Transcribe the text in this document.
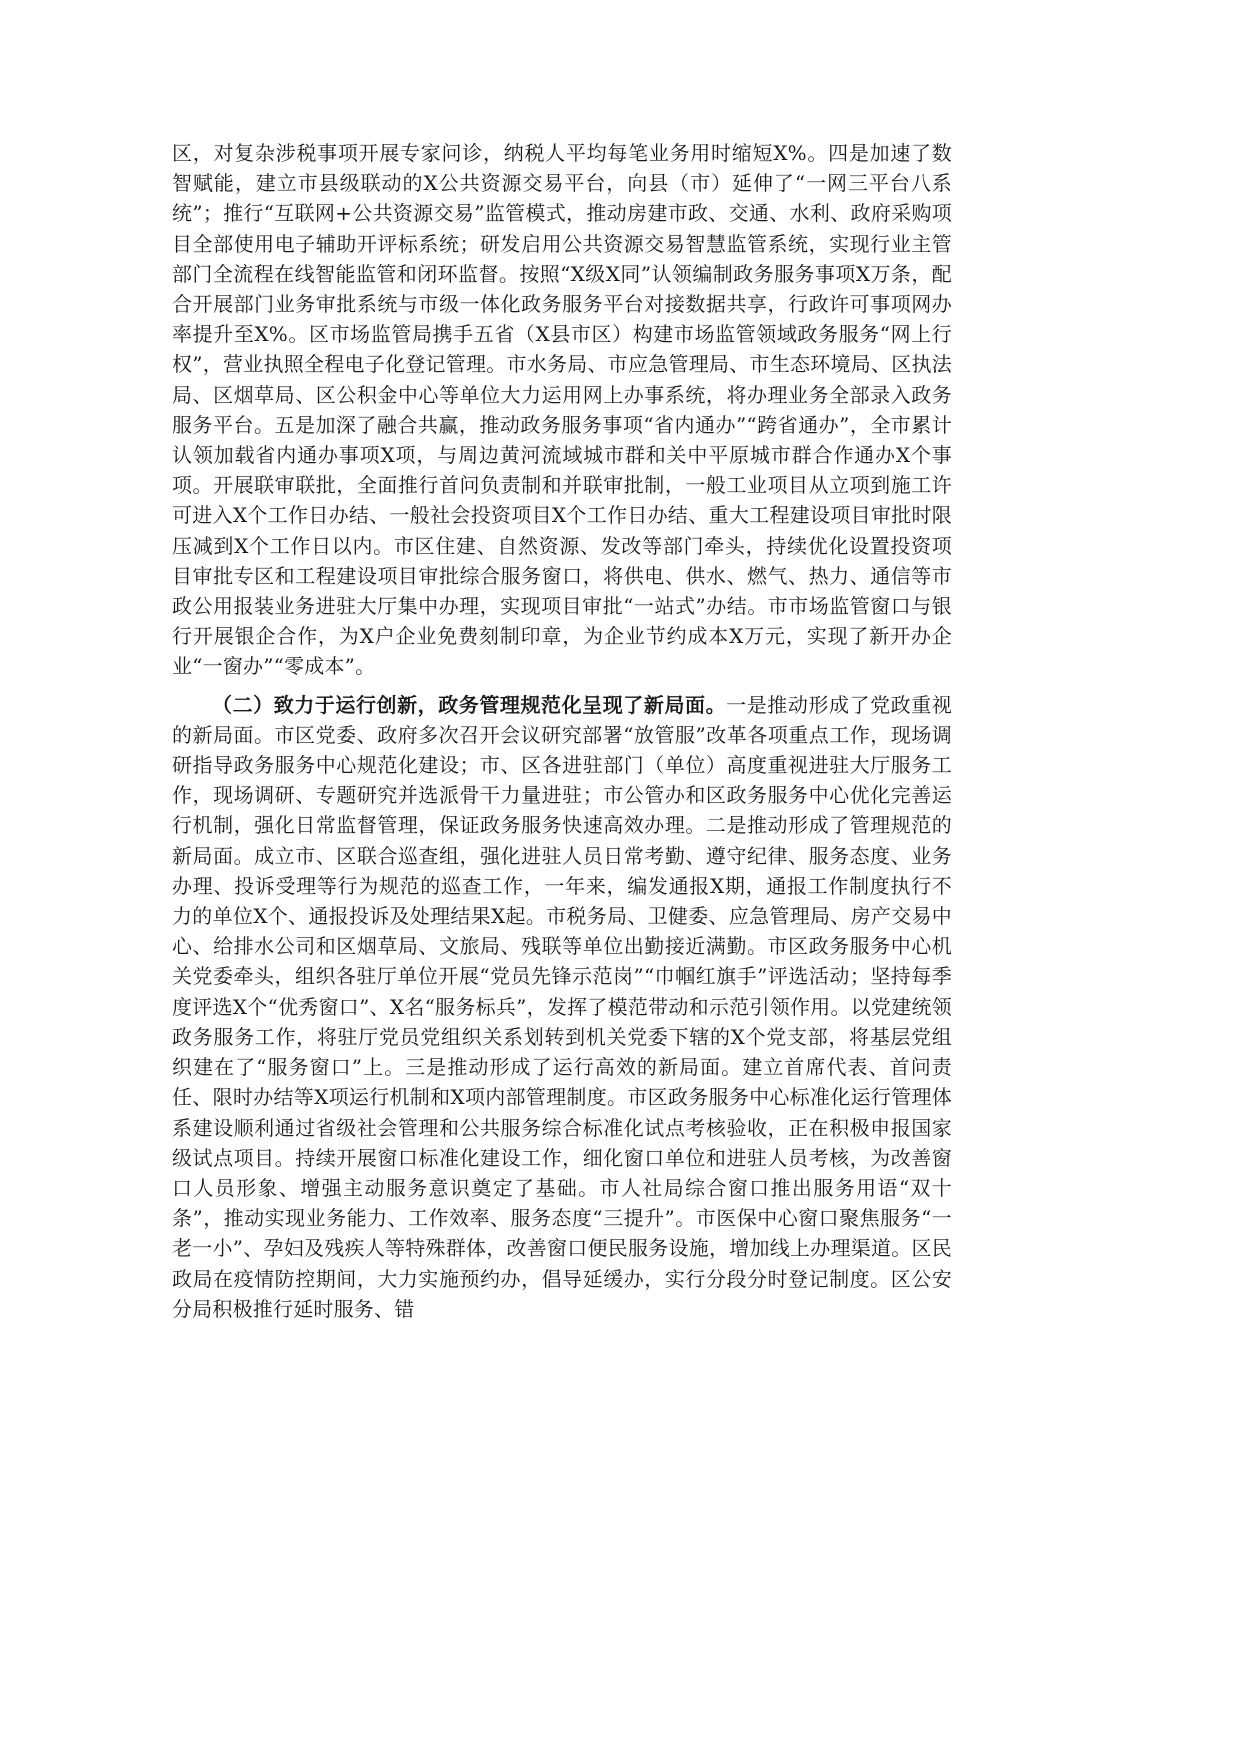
区，对复杂涉税事项开展专家问诊，纳税人平均每笔业务用时缩短X%。四是加速了数智赋能，建立市县级联动的X公共资源交易平台，向县（市）延伸了“一网三平台八系统”；推行“互联网+公共资源交易”监管模式，推动房建市政、交通、水利、政府采购项目全部使用电子辅助开评标系统；研发启用公共资源交易智慧监管系统，实现行业主管部门全流程在线智能监管和闭环监督。按照“X级X同”认领编制政务服务事项X万条，配合开展部门业务审批系统与市级一体化政务服务平台对接数据共享，行政许可事项网办率提升至X%。区市场监管局携手五省（X县市区）构建市场监管领域政务服务“网上行权”，营业执照全程电子化登记管理。市水务局、市应急管理局、市生态环境局、区执法局、区烟草局、区公积金中心等单位大力运用网上办事系统，将办理业务全部录入政务服务平台。五是加深了融合共赢，推动政务服务事项“省内通办”“跨省通办”，全市累计认领加载省内通办事项X项，与周边黄河流域城市群和关中平原城市群合作通办X个事项。开展联审联批，全面推行首问负责制和并联审批制，一般工业项目从立项到施工许可进入X个工作日办结、一般社会投资项目X个工作日办结、重大工程建设项目审批时限压减到X个工作日以内。市区住建、自然资源、发改等部门牵头，持续优化设置投资项目审批专区和工程建设项目审批综合服务窗口，将供电、供水、燃气、热力、通信等市政公用报装业务进驻大厅集中办理，实现项目审批“一站式”办结。市市场监管窗口与银行开展银企合作，为X户企业免费刻制印章，为企业节约成本X万元，实现了新开办企业“一窗办”“零成本”。

（二）致力于运行创新，政务管理规范化呈现了新局面。一是推动形成了党政重视的新局面。市区党委、政府多次召开会议研究部署“放管服”改革各项重点工作，现场调研指导政务服务中心规范化建设；市、区各进驻部门（单位）高度重视进驻大厅服务工作，现场调研、专题研究并选派骨干力量进驻；市公管办和区政务服务中心优化完善运行机制，强化日常监督管理，保证政务服务快速高效办理。二是推动形成了管理规范的新局面。成立市、区联合巡查组，强化进驻人员日常考勤、遵守纪律、服务态度、业务办理、投诉受理等行为规范的巡查工作，一年来，编发通报X期，通报工作制度执行不力的单位X个、通报投诉及处理结果X起。市税务局、卫健委、应急管理局、房产交易中心、给排水公司和区烟草局、文旅局、残联等单位出勤接近满勤。市区政务服务中心机关党委牵头，组织各驻厅单位开展“党员先锋示范岗”“巾帼红旗手”评选活动；坚持每季度评选X个“优秀窗口”、X名“服务标兵”，发挥了模范带动和示范引领作用。以党建统领政务服务工作，将驻厅党员党组织关系划转到机关党委下辖的X个党支部，将基层党组织建在了“服务窗口”上。三是推动形成了运行高效的新局面。建立首席代表、首问责任、限时办结等X项运行机制和X项内部管理制度。市区政务服务中心标准化运行管理体系建设顺利通过省级社会管理和公共服务综合标准化试点考核验收，正在积极申报国家级试点项目。持续开展窗口标准化建设工作，细化窗口单位和进驻人员考核，为改善窗口人员形象、增强主动服务意识奠定了基础。市人社局综合窗口推出服务用语“双十条”，推动实现业务能力、工作效率、服务态度“三提升”。市医保中心窗口聚焦服务“一老一小”、孕妇及残疾人等特殊群体，改善窗口便民服务设施，增加线上办理渠道。区民政局在疫情防控期间，大力实施预约办，倡导延缓办，实行分段分时登记制度。区公安分局积极推行延时服务、错
